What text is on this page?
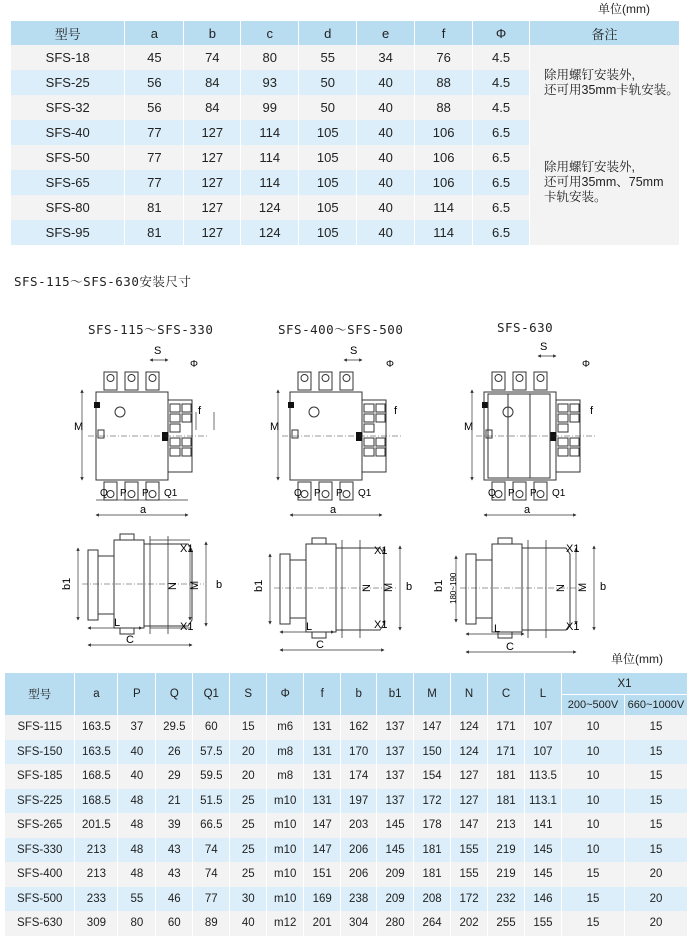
单位(mm)
型号	a	b	c	d	e	f	Φ	备注
SFS-18	45	74	80	55	34	76	4.5	除用螺钉安装外,
还可用35mm卡轨安装。

SFS-25	56	84	93	50	40	88	4.5	
SFS-32	56	84	99	50	40	88	4.5	
SFS-40	77	127	114	105	40	106	6.5	除用螺钉安装外,
还可用35mm、75mm
卡轨安装。

SFS-50	77	127	114	105	40	106	6.5	
SFS-65	77	127	114	105	40	106	6.5	
SFS-80	81	127	124	105	40	114	6.5	
SFS-95	81	127	124	105	40	114	6.5	
SFS-115～SFS-630安装尺寸
SFS-115～SFS-330	SFS-400～SFS-500	SFS-630
M
S
Φ
f
Q P P Q1
a
M
S
Φ
f
Q P P Q1
a
M
S
Φ
f
Q P P Q1
a
b1
X1
X1
N M b
L
C
b1
X1
X1
N M b
L
C
b1 180~190
X1
X1
N M b
L
C
单位(mm)
型号	a	P	Q	Q1	S	Φ	f	b	b1	M	N	C	L	X1	
														200~500V	660~1000V
SFS-115	163.5	37	29.5	60	15	m6	131	162	137	147	124	171	107	10	15
SFS-150	163.5	40	26	57.5	20	m8	131	170	137	150	124	171	107	10	15
SFS-185	168.5	40	29	59.5	20	m8	131	174	137	154	127	181	113.5	10	15
SFS-225	168.5	48	21	51.5	25	m10	131	197	137	172	127	181	113.1	10	15
SFS-265	201.5	48	39	66.5	25	m10	147	203	145	178	147	213	141	10	15
SFS-330	213	48	43	74	25	m10	147	206	145	181	155	219	145	10	15
SFS-400	213	48	43	74	25	m10	151	206	209	181	155	219	145	15	20
SFS-500	233	55	46	77	30	m10	169	238	209	208	172	232	146	15	20
SFS-630	309	80	60	89	40	m12	201	304	280	264	202	255	155	15	20
